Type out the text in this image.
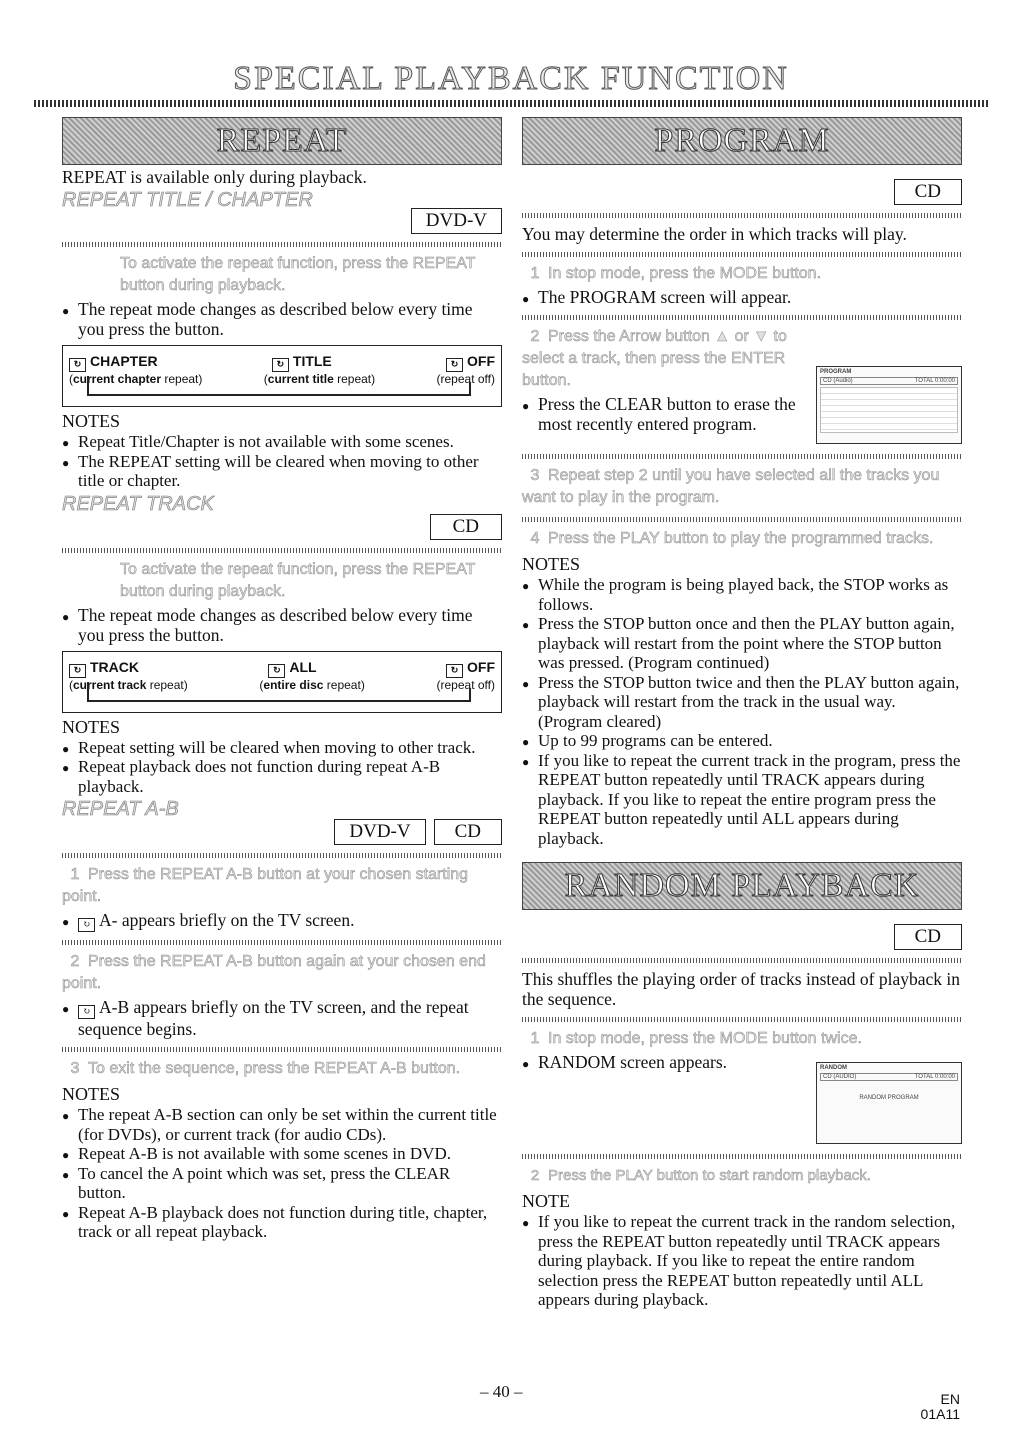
SPECIAL PLAYBACK FUNCTION
REPEAT

REPEAT is available only during playback.

REPEAT TITLE / CHAPTER

DVD-V
To activate the repeat function, press the REPEAT button during playback.

● The repeat mode changes as described below every time you press the button.

↻ CHAPTER	↻ TITLE	↻ OFF
(current chapter repeat)	(current title repeat)	(repeat off)

NOTES

● Repeat Title/Chapter is not available with some scenes.

● The REPEAT setting will be cleared when moving to other title or chapter.

REPEAT TRACK

CD
To activate the repeat function, press the REPEAT button during playback.

● The repeat mode changes as described below every time you press the button.

↻ TRACK	↻ ALL	↻ OFF
(current track repeat)	(entire disc repeat)	(repeat off)

NOTES

● Repeat setting will be cleared when moving to other track.

● Repeat playback does not function during repeat A-B playback.

REPEAT A-B

DVD-V	CD
1 Press the REPEAT A-B button at your chosen starting point.

● ↻ A- appears briefly on the TV screen.

2 Press the REPEAT A-B button again at your chosen end point.

● ↻ A-B appears briefly on the TV screen, and the repeat sequence begins.

3 To exit the sequence, press the REPEAT A-B button.

NOTES

● The repeat A-B section can only be set within the current title (for DVDs), or current track (for audio CDs).

● Repeat A-B is not available with some scenes in DVD.

● To cancel the A point which was set, press the CLEAR button.

● Repeat A-B playback does not function during title, chapter, track or all repeat playback.

PROGRAM
CD

You may determine the order in which tracks will play.

1 In stop mode, press the MODE button.

● The PROGRAM screen will appear.

2 Press the Arrow button ▲ or ▼ to select a track, then press the ENTER button.

● Press the CLEAR button to erase the most recently entered program.

PROGRAM
CD (Audio)	TOTAL 0:00:00
3 Repeat step 2 until you have selected all the tracks you want to play in the program.
4 Press the PLAY button to play the programmed tracks.

NOTES

● While the program is being played back, the STOP works as follows.

● Press the STOP button once and then the PLAY button again, playback will restart from the point where the STOP button was pressed. (Program continued)

● Press the STOP button twice and then the PLAY button again, playback will restart from the track in the usual way. (Program cleared)

● Up to 99 programs can be entered.

● If you like to repeat the current track in the program, press the REPEAT button repeatedly until TRACK appears during playback. If you like to repeat the entire program press the REPEAT button repeatedly until ALL appears during playback.

RANDOM PLAYBACK
CD

This shuffles the playing order of tracks instead of playback in the sequence.

1 In stop mode, press the MODE button twice.

● RANDOM screen appears.	RANDOM
CD (AUDIO)	TOTAL 0:00:00
RANDOM PROGRAM
2 Press the PLAY button to start random playback.

NOTE

● If you like to repeat the current track in the random selection, press the REPEAT button repeatedly until TRACK appears during playback. If you like to repeat the entire random selection press the REPEAT button repeatedly until ALL appears during playback.

– 40 –	EN
01A11
